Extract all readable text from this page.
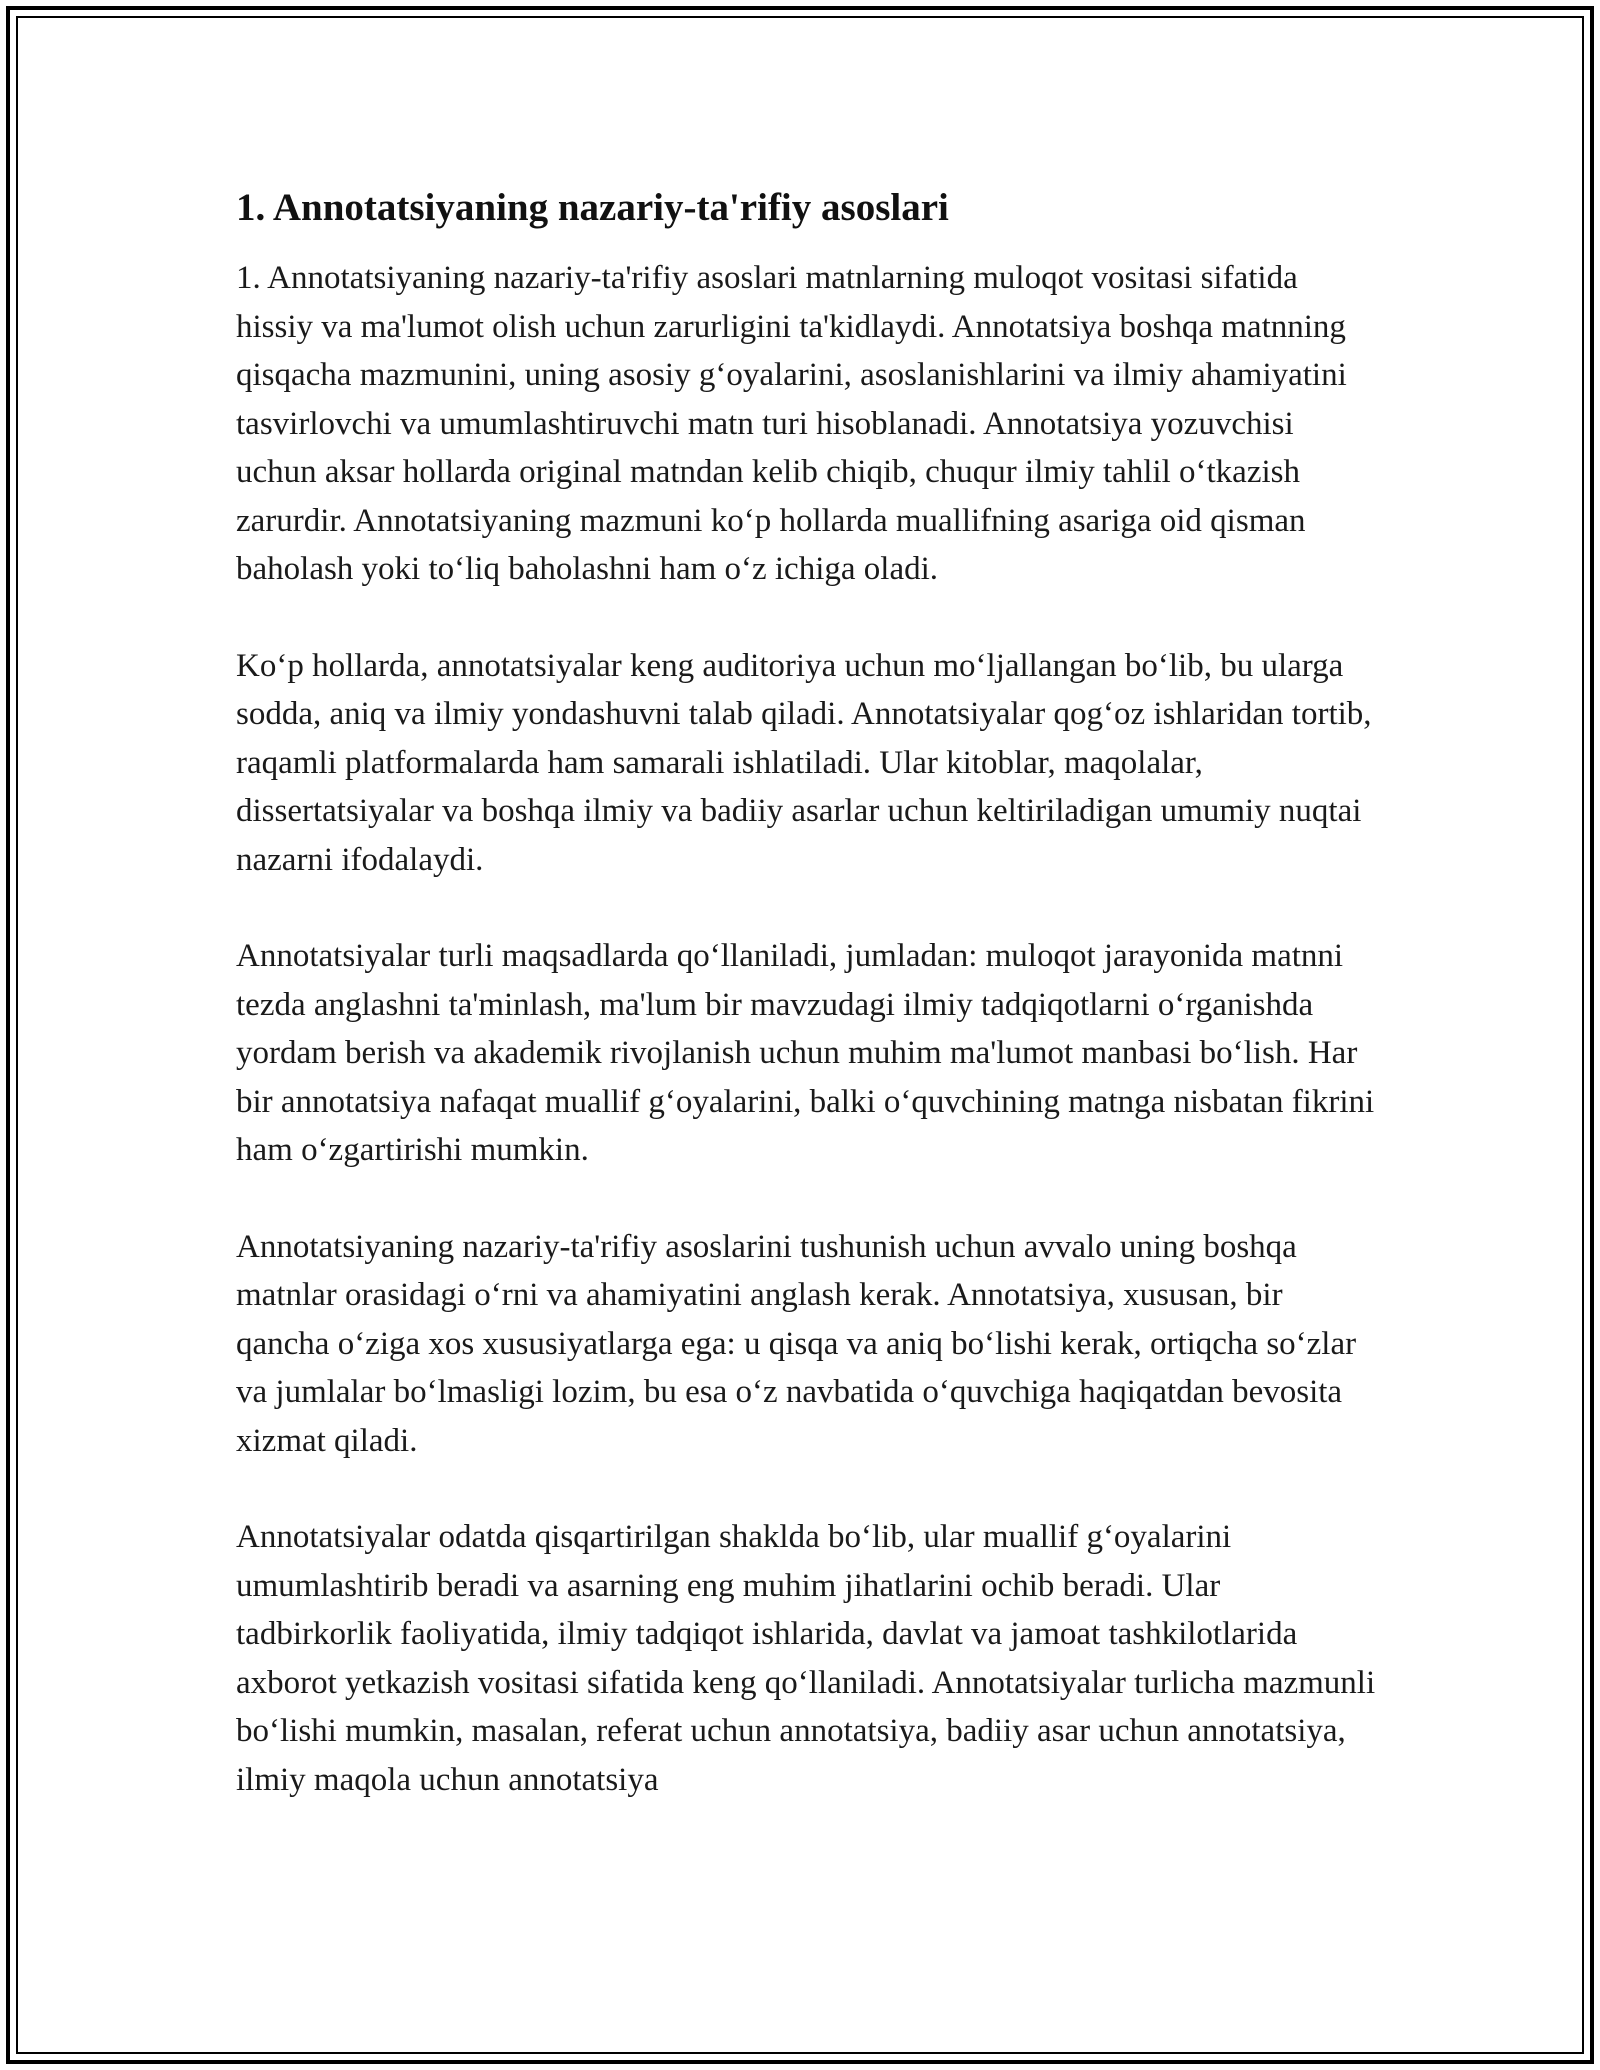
1. Annotatsiyaning nazariy-ta'rifiy asoslari

1. Annotatsiyaning nazariy-ta'rifiy asoslari matnlarning muloqot vositasi sifatida hissiy va ma'lumot olish uchun zarurligini ta'kidlaydi. Annotatsiya boshqa matnning qisqacha mazmunini, uning asosiy g‘oyalarini, asoslanishlarini va ilmiy ahamiyatini tasvirlovchi va umumlashtiruvchi matn turi hisoblanadi. Annotatsiya yozuvchisi uchun aksar hollarda original matndan kelib chiqib, chuqur ilmiy tahlil o‘tkazish zarurdir. Annotatsiyaning mazmuni ko‘p hollarda muallifning asariga oid qisman baholash yoki to‘liq baholashni ham o‘z ichiga oladi.

Ko‘p hollarda, annotatsiyalar keng auditoriya uchun mo‘ljallangan bo‘lib, bu ularga sodda, aniq va ilmiy yondashuvni talab qiladi. Annotatsiyalar qog‘oz ishlaridan tortib, raqamli platformalarda ham samarali ishlatiladi. Ular kitoblar, maqolalar, dissertatsiyalar va boshqa ilmiy va badiiy asarlar uchun keltiriladigan umumiy nuqtai nazarni ifodalaydi.

Annotatsiyalar turli maqsadlarda qo‘llaniladi, jumladan: muloqot jarayonida matnni tezda anglashni ta'minlash, ma'lum bir mavzudagi ilmiy tadqiqotlarni o‘rganishda yordam berish va akademik rivojlanish uchun muhim ma'lumot manbasi bo‘lish. Har bir annotatsiya nafaqat muallif g‘oyalarini, balki o‘quvchining matnga nisbatan fikrini ham o‘zgartirishi mumkin.

Annotatsiyaning nazariy-ta'rifiy asoslarini tushunish uchun avvalo uning boshqa matnlar orasidagi o‘rni va ahamiyatini anglash kerak. Annotatsiya, xususan, bir qancha o‘ziga xos xususiyatlarga ega: u qisqa va aniq bo‘lishi kerak, ortiqcha so‘zlar va jumlalar bo‘lmasligi lozim, bu esa o‘z navbatida o‘quvchiga haqiqatdan bevosita xizmat qiladi.

Annotatsiyalar odatda qisqartirilgan shaklda bo‘lib, ular muallif g‘oyalarini umumlashtirib beradi va asarning eng muhim jihatlarini ochib beradi. Ular tadbirkorlik faoliyatida, ilmiy tadqiqot ishlarida, davlat va jamoat tashkilotlarida axborot yetkazish vositasi sifatida keng qo‘llaniladi. Annotatsiyalar turlicha mazmunli bo‘lishi mumkin, masalan, referat uchun annotatsiya, badiiy asar uchun annotatsiya, ilmiy maqola uchun annotatsiya
